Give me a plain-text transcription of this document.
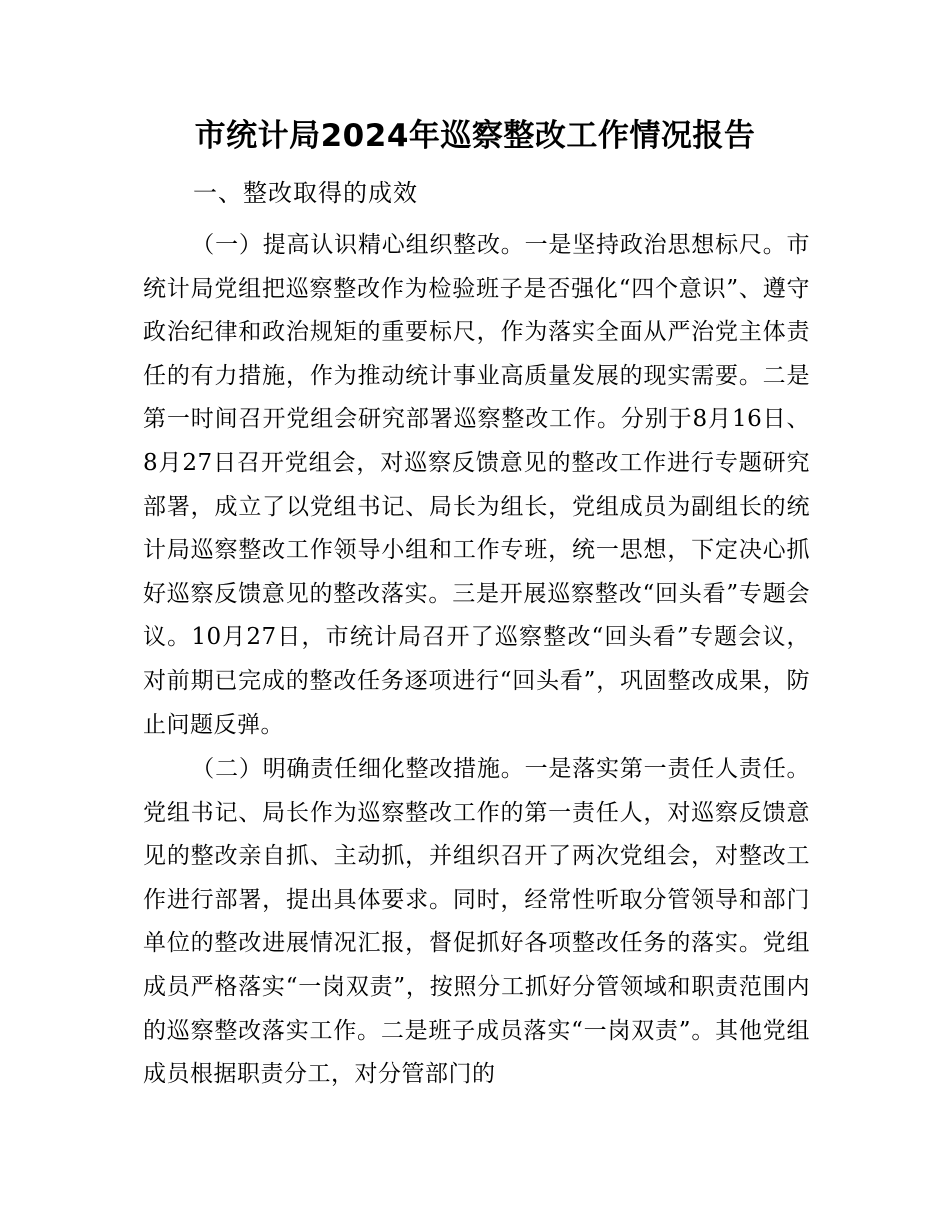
市统计局2024年巡察整改工作情况报告

一、整改取得的成效

（一）提高认识精心组织整改。一是坚持政治思想标尺。市统计局党组把巡察整改作为检验班子是否强化“四个意识”、遵守政治纪律和政治规矩的重要标尺，作为落实全面从严治党主体责任的有力措施，作为推动统计事业高质量发展的现实需要。二是第一时间召开党组会研究部署巡察整改工作。分别于8月16日、8月27日召开党组会，对巡察反馈意见的整改工作进行专题研究部署，成立了以党组书记、局长为组长，党组成员为副组长的统计局巡察整改工作领导小组和工作专班，统一思想，下定决心抓好巡察反馈意见的整改落实。三是开展巡察整改“回头看”专题会议。10月27日，市统计局召开了巡察整改“回头看”专题会议，对前期已完成的整改任务逐项进行“回头看”，巩固整改成果，防止问题反弹。

（二）明确责任细化整改措施。一是落实第一责任人责任。党组书记、局长作为巡察整改工作的第一责任人，对巡察反馈意见的整改亲自抓、主动抓，并组织召开了两次党组会，对整改工作进行部署，提出具体要求。同时，经常性听取分管领导和部门单位的整改进展情况汇报，督促抓好各项整改任务的落实。党组成员严格落实“一岗双责”，按照分工抓好分管领域和职责范围内的巡察整改落实工作。二是班子成员落实“一岗双责”。其他党组成员根据职责分工，对分管部门的
